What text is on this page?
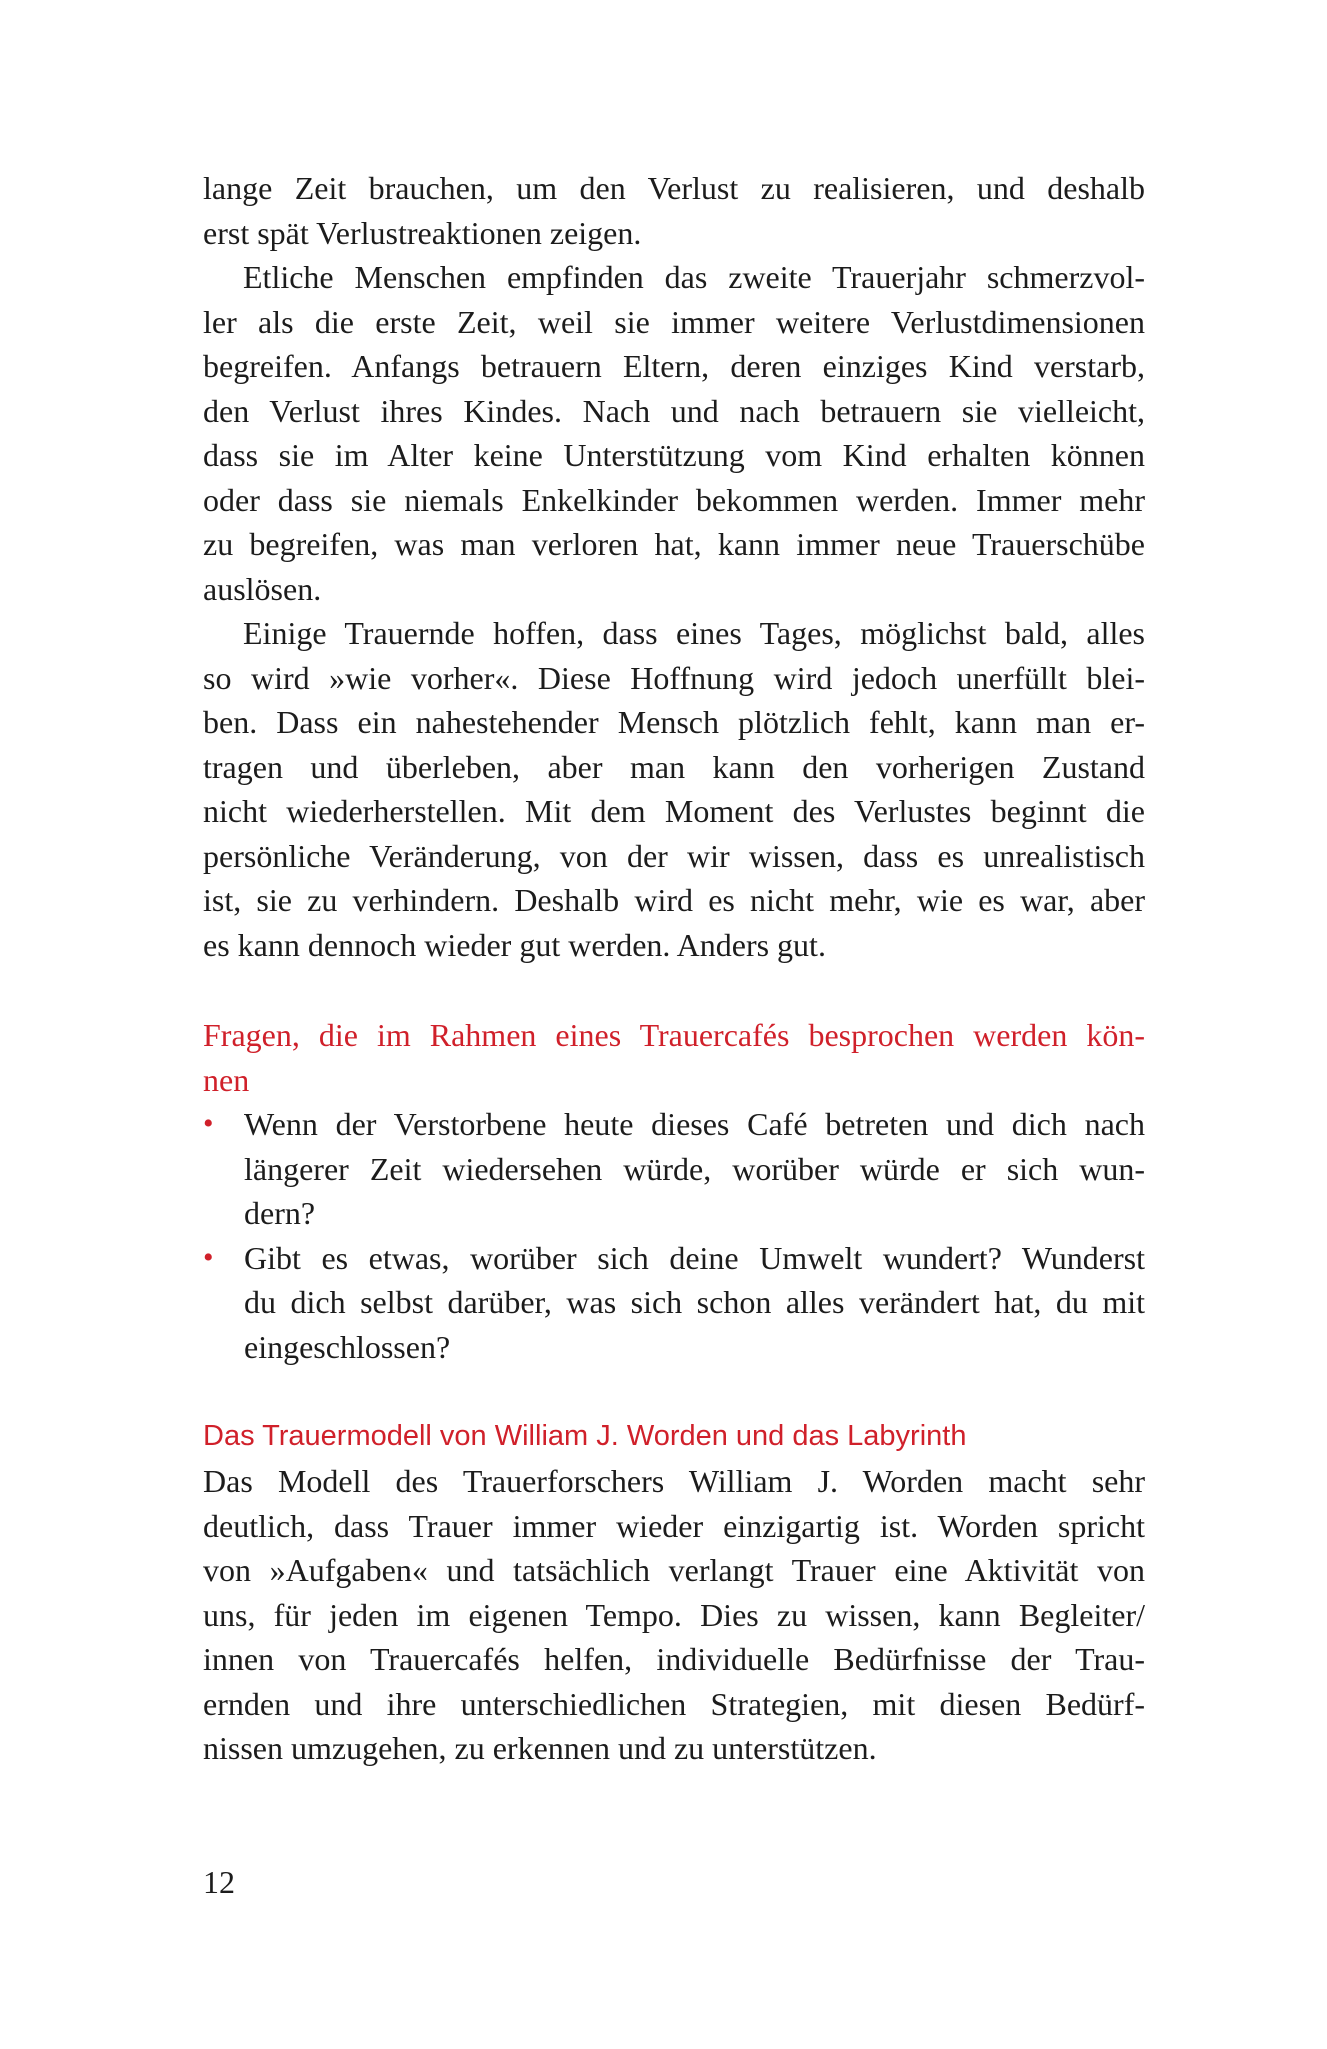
lange Zeit brauchen, um den Verlust zu realisieren, und deshalb
erst spät Verlustreaktionen zeigen.
Etliche Menschen empfinden das zweite Trauerjahr schmerzvol-
ler als die erste Zeit, weil sie immer weitere Verlustdimensionen
begreifen. Anfangs betrauern Eltern, deren einziges Kind verstarb,
den Verlust ihres Kindes. Nach und nach betrauern sie vielleicht,
dass sie im Alter keine Unterstützung vom Kind erhalten können
oder dass sie niemals Enkelkinder bekommen werden. Immer mehr
zu begreifen, was man verloren hat, kann immer neue Trauerschübe
auslösen.
Einige Trauernde hoffen, dass eines Tages, möglichst bald, alles
so wird »wie vorher«. Diese Hoffnung wird jedoch unerfüllt blei-
ben. Dass ein nahestehender Mensch plötzlich fehlt, kann man er-
tragen und überleben, aber man kann den vorherigen Zustand
nicht wiederherstellen. Mit dem Moment des Verlustes beginnt die
persönliche Veränderung, von der wir wissen, dass es unrealistisch
ist, sie zu verhindern. Deshalb wird es nicht mehr, wie es war, aber
es kann dennoch wieder gut werden. Anders gut.
Fragen, die im Rahmen eines Trauercafés besprochen werden kön-
nen
• Wenn der Verstorbene heute dieses Café betreten und dich nach
längerer Zeit wiedersehen würde, worüber würde er sich wun-
dern?
• Gibt es etwas, worüber sich deine Umwelt wundert? Wunderst
du dich selbst darüber, was sich schon alles verändert hat, du mit
eingeschlossen?
Das Trauermodell von William J. Worden und das Labyrinth
Das Modell des Trauerforschers William J. Worden macht sehr
deutlich, dass Trauer immer wieder einzigartig ist. Worden spricht
von »Aufgaben« und tatsächlich verlangt Trauer eine Aktivität von
uns, für jeden im eigenen Tempo. Dies zu wissen, kann Begleiter/
innen von Trauercafés helfen, individuelle Bedürfnisse der Trau-
ernden und ihre unterschiedlichen Strategien, mit diesen Bedürf-
nissen umzugehen, zu erkennen und zu unterstützen.
12
